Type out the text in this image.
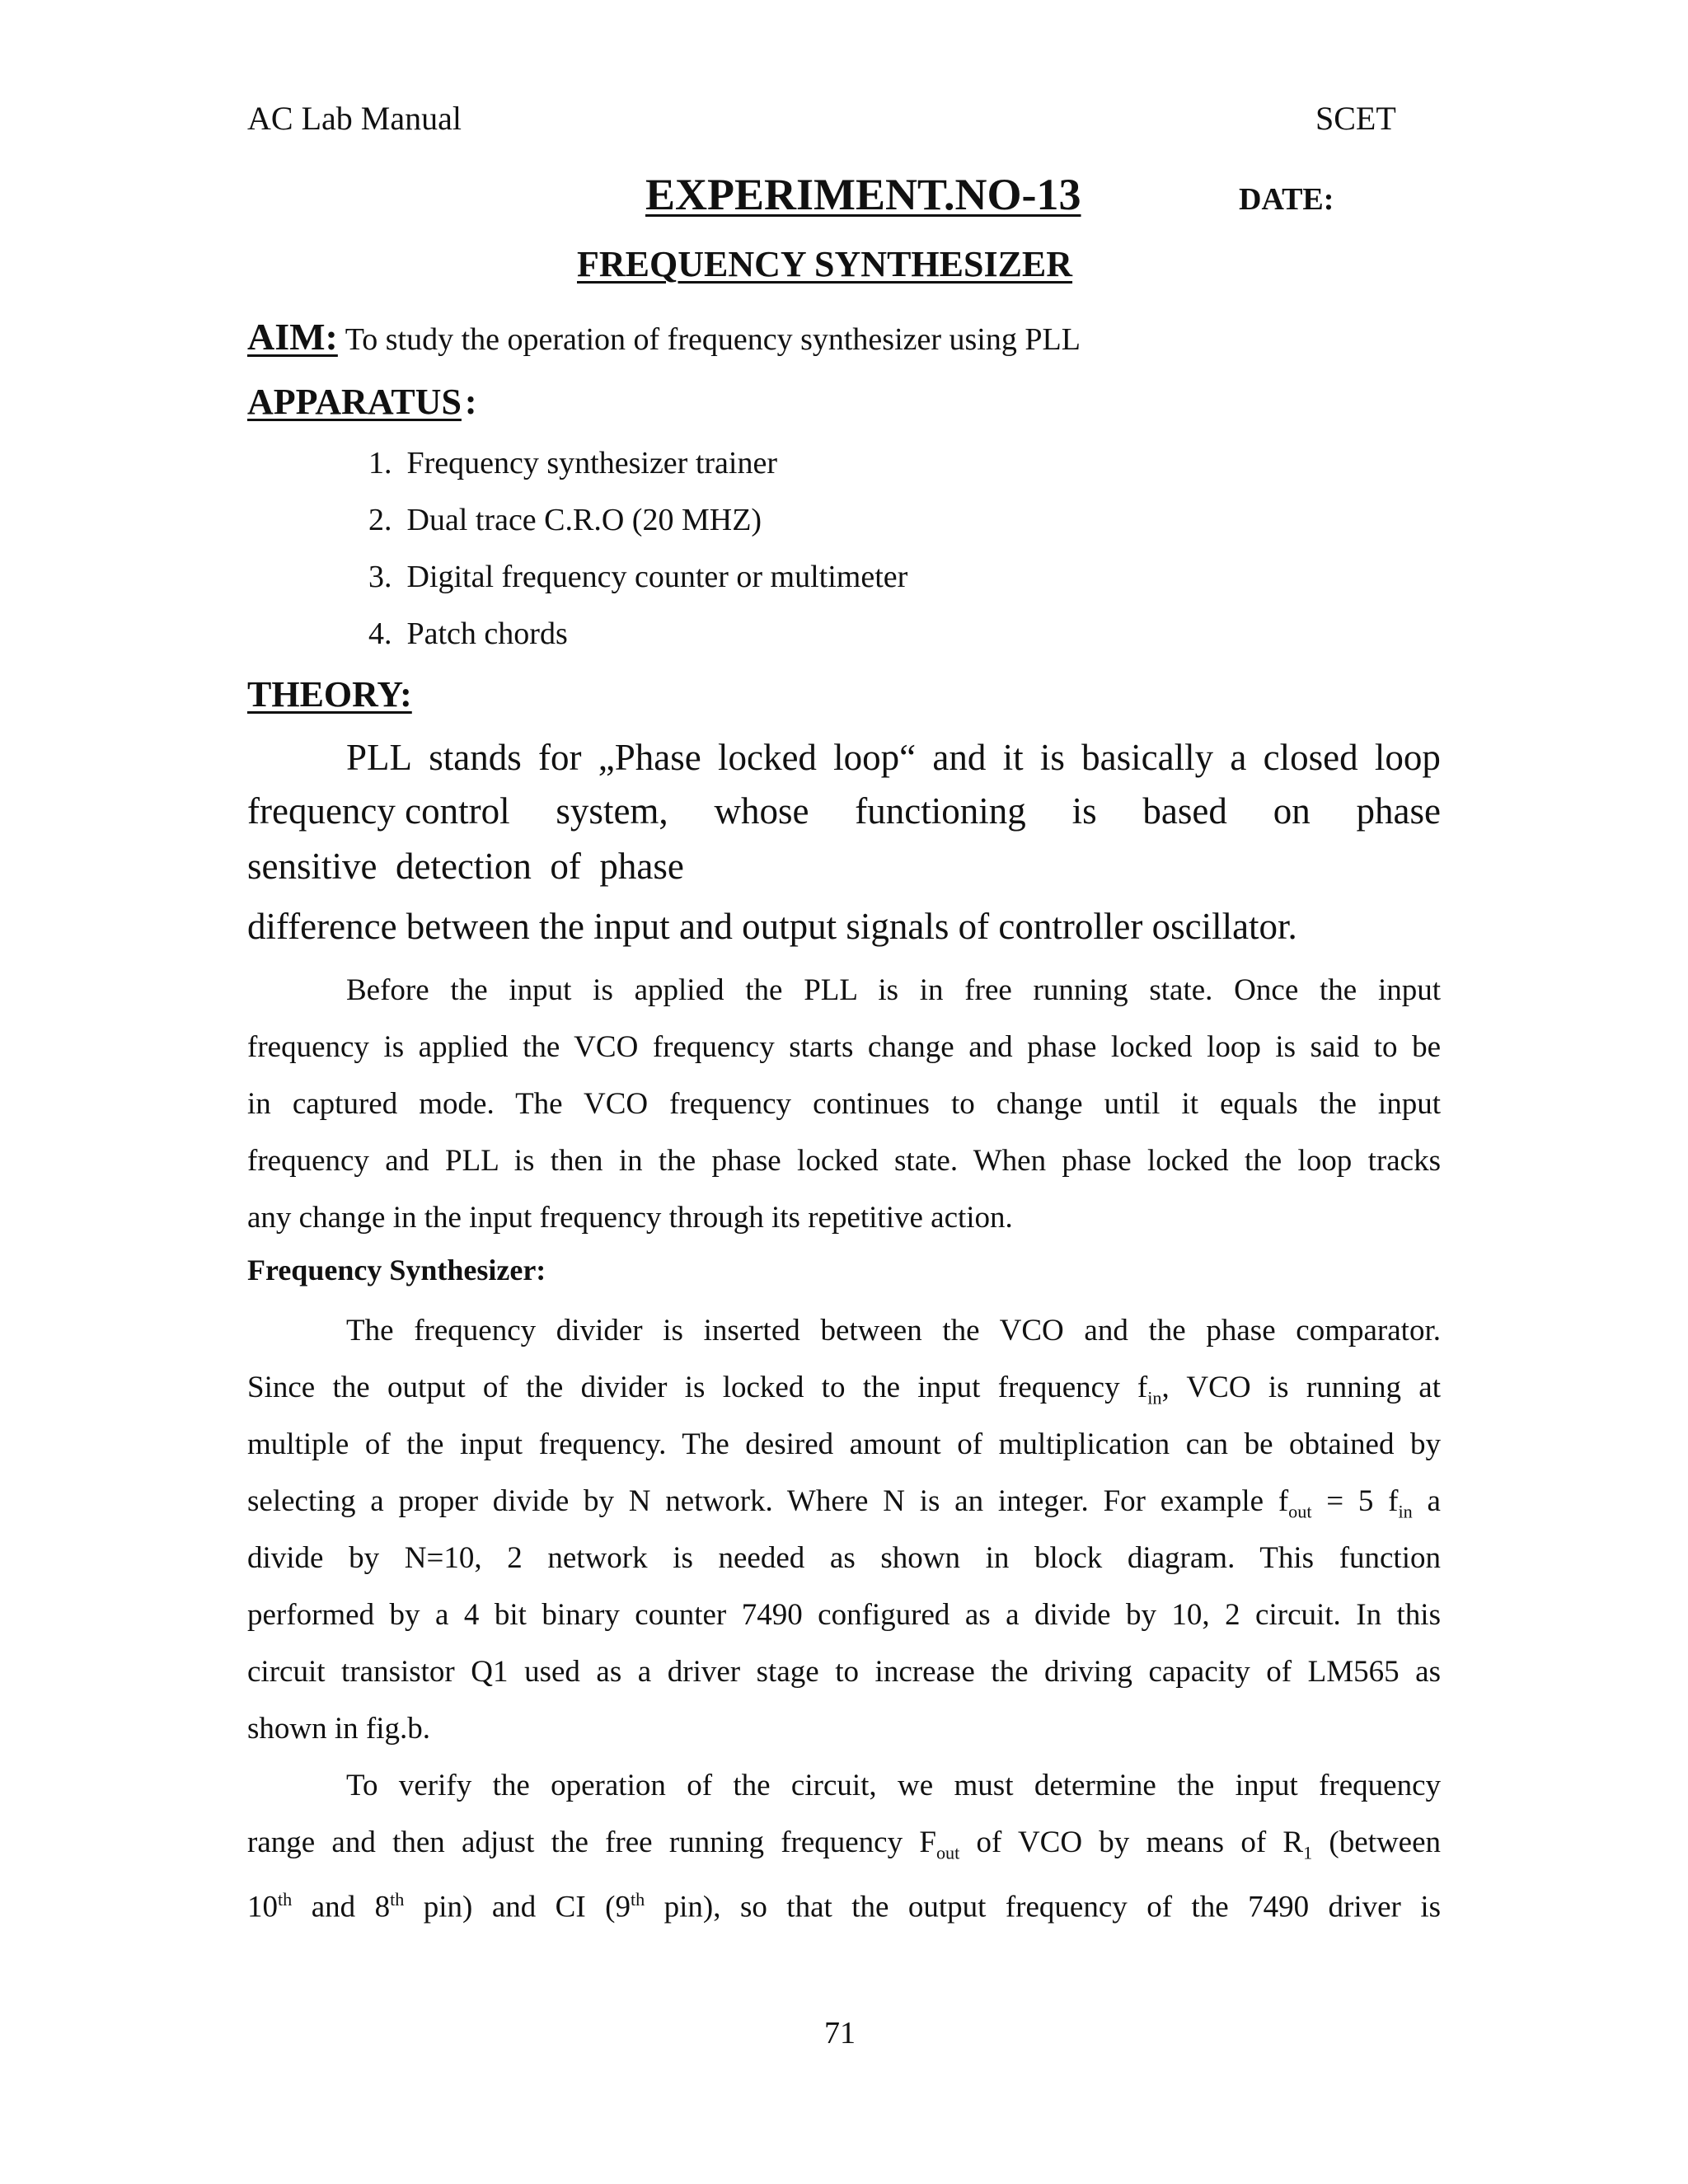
AC Lab Manual	SCET
EXPERIMENT.NO-13	DATE:
FREQUENCY SYNTHESIZER
AIM: To study the operation of frequency synthesizer using PLL
APPARATUS :
1. Frequency synthesizer trainer
2. Dual trace C.R.O (20 MHZ)
3. Digital frequency counter or multimeter
4. Patch chords
THEORY:
PLL stands for „Phase locked loop“ and it is basically a closed loop
frequency control system, whose functioning is based on phase
sensitive  detection  of  phase
difference between the input and output signals of controller oscillator.
Before the input is applied the PLL is in free running state. Once the input
frequency is applied the VCO frequency starts change and phase locked loop is said to be
in captured mode. The VCO frequency continues to change until it equals the input
frequency and PLL is then in the phase locked state. When phase locked the loop tracks
any change in the input frequency through its repetitive action.
Frequency Synthesizer:
The frequency divider is inserted between the VCO and the phase comparator.
Since the output of the divider is locked to the input frequency $f_{in}$, VCO is running at
multiple of the input frequency. The desired amount of multiplication can be obtained by
selecting a proper divide by N network. Where N is an integer. For example $f_{out} = 5$ $f_{in}$ a
divide by N=10, 2 network is needed as shown in block diagram. This function
performed by a 4 bit binary counter 7490 configured as a divide by 10, 2 circuit. In this
circuit transistor Q1 used as a driver stage to increase the driving capacity of LM565 as
shown in fig.b.
To verify the operation of the circuit, we must determine the input frequency
range and then adjust the free running frequency $F_{out}$ of VCO by means of $R_1$ (between
10th and 8th pin) and CI (9th pin), so that the output frequency of the 7490 driver is
71
